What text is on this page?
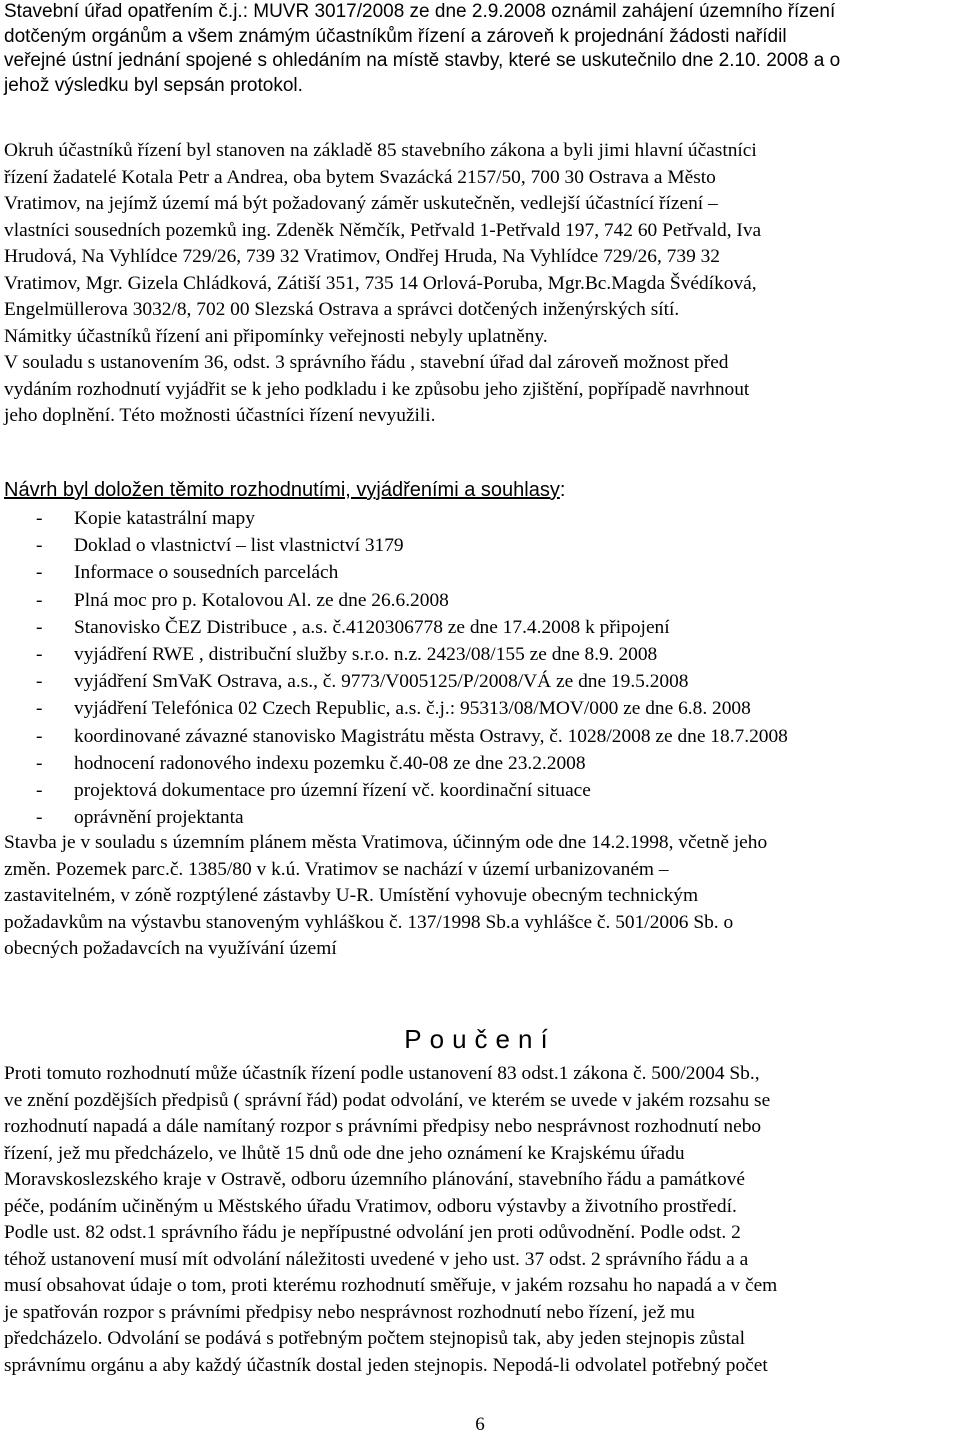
Stavební úřad opatřením č.j.: MUVR 3017/2008 ze dne 2.9.2008 oznámil zahájení územního řízení
dotčeným orgánům a všem známým účastníkům řízení a zároveň k projednání žádosti nařídil
veřejné ústní jednání spojené s ohledáním na místě stavby, které se uskutečnilo dne 2.10. 2008 a o
jehož výsledku byl sepsán protokol.
Okruh účastníků řízení byl stanoven na základě 85 stavebního zákona a byli jimi hlavní účastníci
řízení žadatelé Kotala Petr a Andrea, oba bytem Svazácká 2157/50, 700 30 Ostrava a Město
Vratimov, na jejímž území má být požadovaný záměr uskutečněn, vedlejší účastnící řízení –
vlastníci sousedních pozemků ing. Zdeněk Němčík, Petřvald 1-Petřvald 197, 742 60 Petřvald, Iva
Hrudová, Na Vyhlídce 729/26, 739 32 Vratimov, Ondřej Hruda, Na Vyhlídce 729/26, 739 32
Vratimov, Mgr. Gizela Chládková, Zátiší 351, 735 14 Orlová-Poruba, Mgr.Bc.Magda Švédíková,
Engelmüllerova 3032/8, 702 00 Slezská Ostrava a správci dotčených inženýrských sítí.
Námitky účastníků řízení ani připomínky veřejnosti nebyly uplatněny.
V souladu s ustanovením 36, odst. 3 správního řádu , stavební úřad dal zároveň možnost před
vydáním rozhodnutí vyjádřit se k jeho podkladu i ke způsobu jeho zjištění, popřípadě navrhnout
jeho doplnění. Této možnosti účastníci řízení nevyužili.
Návrh byl doložen těmito rozhodnutími, vyjádřeními a souhlasy:
- Kopie katastrální mapy
- Doklad o vlastnictví – list vlastnictví 3179
- Informace o sousedních parcelách
- Plná moc pro p. Kotalovou Al. ze dne 26.6.2008
- Stanovisko ČEZ Distribuce , a.s. č.4120306778 ze dne 17.4.2008 k připojení
- vyjádření RWE , distribuční služby s.r.o. n.z. 2423/08/155 ze dne 8.9. 2008
- vyjádření SmVaK Ostrava, a.s., č. 9773/V005125/P/2008/VÁ ze dne 19.5.2008
- vyjádření Telefónica 02 Czech Republic, a.s. č.j.: 95313/08/MOV/000 ze dne 6.8. 2008
- koordinované závazné stanovisko Magistrátu města Ostravy, č. 1028/2008 ze dne 18.7.2008
- hodnocení radonového indexu pozemku č.40-08 ze dne 23.2.2008
- projektová dokumentace pro územní řízení vč. koordinační situace
- oprávnění projektanta
Stavba je v souladu s územním plánem města Vratimova, účinným ode dne 14.2.1998, včetně jeho
změn. Pozemek parc.č. 1385/80 v k.ú. Vratimov se nachází v území urbanizovaném –
zastavitelném, v zóně rozptýlené zástavby U-R. Umístění vyhovuje obecným technickým
požadavkům na výstavbu stanoveným vyhláškou č. 137/1998 Sb.a vyhlášce č. 501/2006 Sb. o
obecných požadavcích na využívání území
Poučení
Proti tomuto rozhodnutí může účastník řízení podle ustanovení 83 odst.1 zákona č. 500/2004 Sb.,
ve znění pozdějších předpisů ( správní řád) podat odvolání, ve kterém se uvede v jakém rozsahu se
rozhodnutí napadá a dále namítaný rozpor s právními předpisy nebo nesprávnost rozhodnutí nebo
řízení, jež mu předcházelo, ve lhůtě 15 dnů ode dne jeho oznámení ke Krajskému úřadu
Moravskoslezského kraje v Ostravě, odboru územního plánování, stavebního řádu a památkové
péče, podáním učiněným u Městského úřadu Vratimov, odboru výstavby a životního prostředí.
Podle ust. 82 odst.1 správního řádu je nepřípustné odvolání jen proti odůvodnění. Podle odst. 2
téhož ustanovení musí mít odvolání náležitosti uvedené v jeho ust. 37 odst. 2 správního řádu a a
musí obsahovat údaje o tom, proti kterému rozhodnutí směřuje, v jakém rozsahu ho napadá a v čem
je spatřován rozpor s právními předpisy nebo nesprávnost rozhodnutí nebo řízení, jež mu
předcházelo. Odvolání se podává s potřebným počtem stejnopisů tak, aby jeden stejnopis zůstal
správnímu orgánu a aby každý účastník dostal jeden stejnopis. Nepodá-li odvolatel potřebný počet
6
